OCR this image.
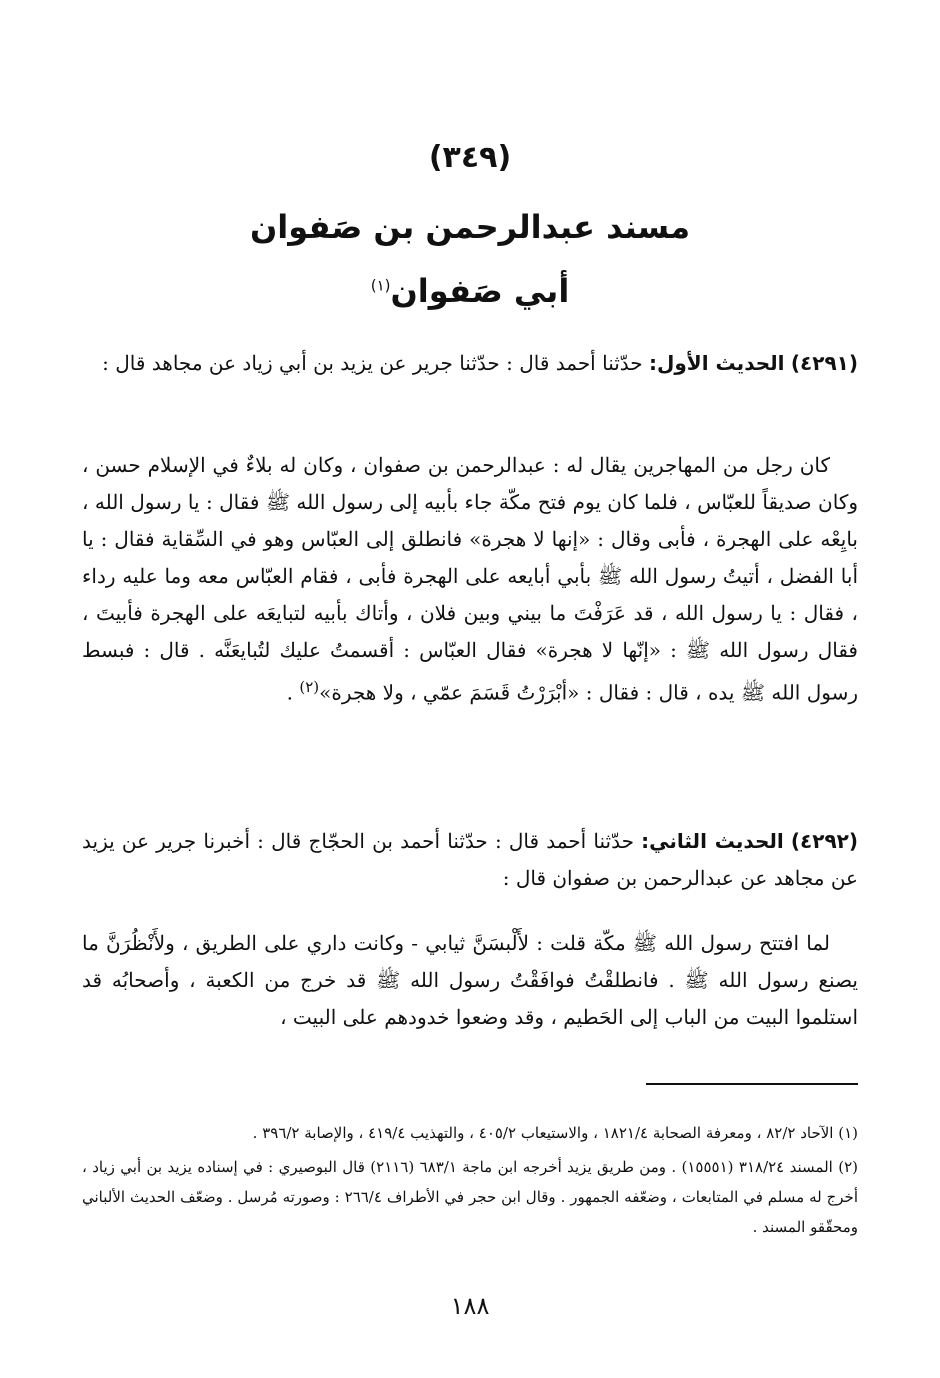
(٣٤٩)
مسند عبدالرحمن بن صَفوان
أبي صَفوان$^{(١)}$
(٤٢٩١) الحديث الأول: حدّثنا أحمد قال : حدّثنا جرير عن يزيد بن أبي زياد عن مجاهد قال :
كان رجل من المهاجرين يقال له : عبدالرحمن بن صفوان ، وكان له بلاءٌ في الإسلام حسن ، وكان صديقاً للعبّاس ، فلما كان يوم فتح مكّة جاء بأبيه إلى رسول الله ﷺ فقال : يا رسول الله ، بايِعْه على الهجرة ، فأبى وقال : «إنها لا هجرة» فانطلق إلى العبّاس وهو في السِّقاية فقال : يا أبا الفضل ، أتيتُ رسول الله ﷺ بأبي أبايعه على الهجرة فأبى ، فقام العبّاس معه وما عليه رداء ، فقال : يا رسول الله ، قد عَرَفْتَ ما بيني وبين فلان ، وأتاك بأبيه لتبايعَه على الهجرة فأبيتَ ، فقال رسول الله ﷺ : «إنّها لا هجرة» فقال العبّاس : أقسمتُ عليك لتُبايعَنَّه . قال : فبسط رسول الله ﷺ يده ، قال : فقال : «أبْرَرْتُ قَسَمَ عمّي ، ولا هجرة»$^{(٢)}$ .
(٤٢٩٢) الحديث الثاني: حدّثنا أحمد قال : حدّثنا أحمد بن الحجّاج قال : أخبرنا جرير عن يزيد عن مجاهد عن عبدالرحمن بن صفوان قال :
لما افتتح رسول الله ﷺ مكّة قلت : لأَلْبسَنَّ ثيابي - وكانت داري على الطريق ، ولأَنْظُرَنَّ ما يصنع رسول الله ﷺ . فانطلقْتُ فوافَقْتُ رسول الله ﷺ قد خرج من الكعبة ، وأصحابُه قد استلموا البيت من الباب إلى الحَطيم ، وقد وضعوا خدودهم على البيت ،

(١) الآحاد ٨٢/٢ ، ومعرفة الصحابة ١٨٢١/٤ ، والاستيعاب ٤٠٥/٢ ، والتهذيب ٤١٩/٤ ، والإصابة ٣٩٦/٢ .

(٢) المسند ٣١٨/٢٤ (١٥٥٥١) . ومن طريق يزيد أخرجه ابن ماجة ٦٨٣/١ (٢١١٦) قال البوصيري : في إسناده يزيد بن أبي زياد ، أخرج له مسلم في المتابعات ، وضعّفه الجمهور . وقال ابن حجر في الأطراف ٢٦٦/٤ : وصورته مُرسل . وضعّف الحديث الألباني ومحقّقو المسند .

١٨٨
